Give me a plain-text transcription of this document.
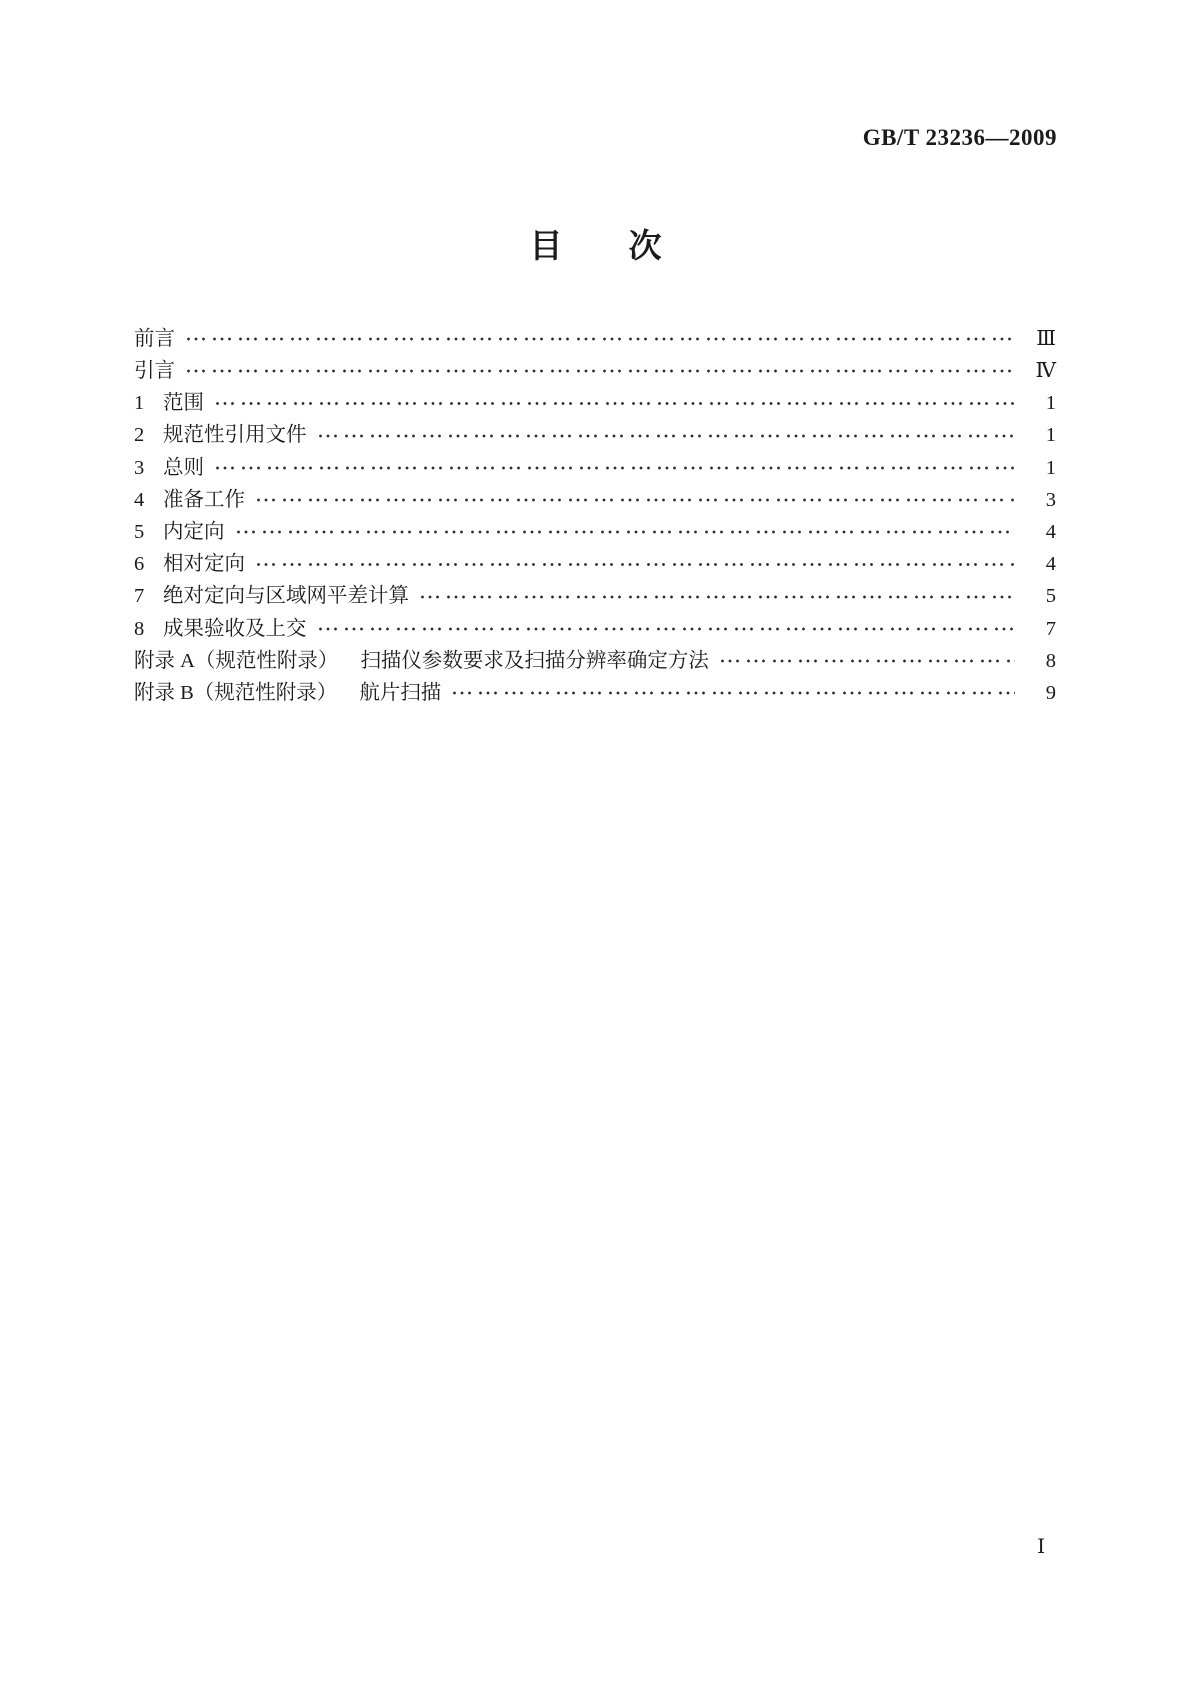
GB/T 23236—2009
目　　次
前言	Ⅲ
引言	Ⅳ
1 范围	1
2 规范性引用文件	1
3 总则	1
4 准备工作	3
5 内定向	4
6 相对定向	4
7 绝对定向与区域网平差计算	5
8 成果验收及上交	7
附录 A（规范性附录） 扫描仪参数要求及扫描分辨率确定方法	8
附录 B（规范性附录） 航片扫描	9
Ⅰ
